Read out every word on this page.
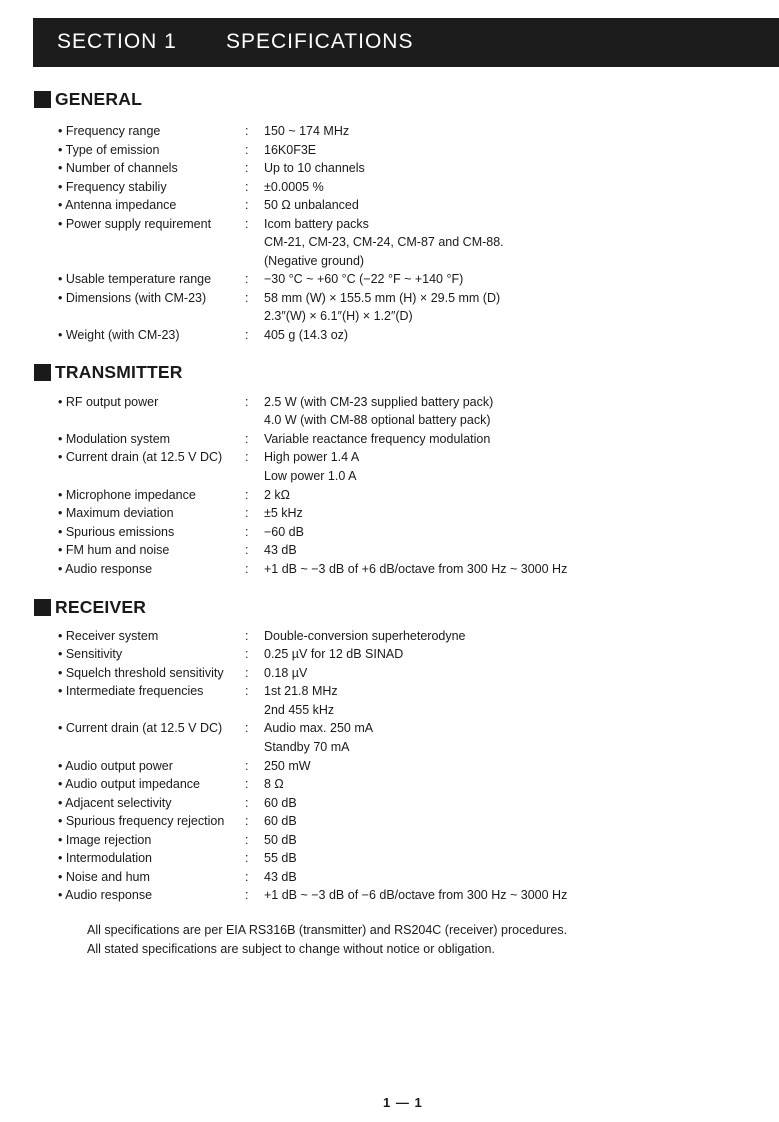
SECTION 1 SPECIFICATIONS
GENERAL
• Frequency range	: 150 ~ 174 MHz
• Type of emission	: 16K0F3E
• Number of channels	: Up to 10 channels
• Frequency stabiliy	: ±0.0005 %
• Antenna impedance	: 50 Ω unbalanced
• Power supply requirement	: Icom battery packs
CM-21, CM-23, CM-24, CM-87 and CM-88.
(Negative ground)
• Usable temperature range	: −30 °C ~ +60 °C (−22 °F ~ +140 °F)
• Dimensions (with CM-23)	: 58 mm (W) × 155.5 mm (H) × 29.5 mm (D)
2.3″(W) × 6.1″(H) × 1.2″(D)
• Weight (with CM-23)	: 405 g (14.3 oz)
TRANSMITTER
• RF output power	: 2.5 W (with CM-23 supplied battery pack)
4.0 W (with CM-88 optional battery pack)
• Modulation system	: Variable reactance frequency modulation
• Current drain (at 12.5 V DC) : High power 1.4 A
Low power 1.0 A
• Microphone impedance	: 2 kΩ
• Maximum deviation	: ±5 kHz
• Spurious emissions	: −60 dB
• FM hum and noise	: 43 dB
• Audio response	: +1 dB ~ −3 dB of +6 dB/octave from 300 Hz ~ 3000 Hz
RECEIVER
• Receiver system	: Double-conversion superheterodyne
• Sensitivity	: 0.25 µV for 12 dB SINAD
• Squelch threshold sensitivity : 0.18 µV
• Intermediate frequencies	: 1st 21.8 MHz
2nd 455 kHz
• Current drain (at 12.5 V DC) : Audio max. 250 mA
Standby 70 mA
• Audio output power	: 250 mW
• Audio output impedance	: 8 Ω
• Adjacent selectivity	: 60 dB
• Spurious frequency rejection : 60 dB
• Image rejection	: 50 dB
• Intermodulation	: 55 dB
• Noise and hum	: 43 dB
• Audio response	: +1 dB ~ −3 dB of −6 dB/octave from 300 Hz ~ 3000 Hz
All specifications are per EIA RS316B (transmitter) and RS204C (receiver) procedures.
All stated specifications are subject to change without notice or obligation.
1 — 1
